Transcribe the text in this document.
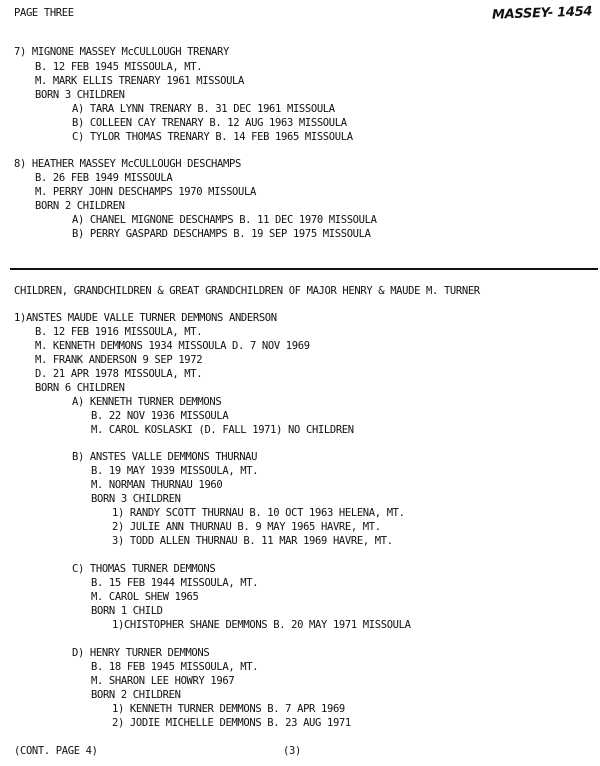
PAGE THREE	MASSEY- 1454
7) MIGNONE MASSEY McCULLOUGH TRENARY
B. 12 FEB 1945 MISSOULA, MT.
M. MARK ELLIS TRENARY 1961 MISSOULA
BORN 3 CHILDREN
A) TARA LYNN TRENARY B. 31 DEC 1961 MISSOULA
B) COLLEEN CAY TRENARY B. 12 AUG 1963 MISSOULA
C) TYLOR THOMAS TRENARY B. 14 FEB 1965 MISSOULA
8) HEATHER MASSEY McCULLOUGH DESCHAMPS
B. 26 FEB 1949 MISSOULA
M. PERRY JOHN DESCHAMPS 1970 MISSOULA
BORN 2 CHILDREN
A) CHANEL MIGNONE DESCHAMPS B. 11 DEC 1970 MISSOULA
B) PERRY GASPARD DESCHAMPS B. 19 SEP 1975 MISSOULA
CHILDREN, GRANDCHILDREN & GREAT GRANDCHILDREN OF MAJOR HENRY & MAUDE M. TURNER
1)ANSTES MAUDE VALLE TURNER DEMMONS ANDERSON
B. 12 FEB 1916 MISSOULA, MT.
M. KENNETH DEMMONS 1934 MISSOULA D. 7 NOV 1969
M. FRANK ANDERSON 9 SEP 1972
D. 21 APR 1978 MISSOULA, MT.
BORN 6 CHILDREN
A) KENNETH TURNER DEMMONS
B. 22 NOV 1936 MISSOULA
M. CAROL KOSLASKI (D. FALL 1971) NO CHILDREN
B) ANSTES VALLE DEMMONS THURNAU
B. 19 MAY 1939 MISSOULA, MT.
M. NORMAN THURNAU 1960
BORN 3 CHILDREN
1) RANDY SCOTT THURNAU B. 10 OCT 1963 HELENA, MT.
2) JULIE ANN THURNAU B. 9 MAY 1965 HAVRE, MT.
3) TODD ALLEN THURNAU B. 11 MAR 1969 HAVRE, MT.
C) THOMAS TURNER DEMMONS
B. 15 FEB 1944 MISSOULA, MT.
M. CAROL SHEW 1965
BORN 1 CHILD
1)CHISTOPHER SHANE DEMMONS B. 20 MAY 1971 MISSOULA
D) HENRY TURNER DEMMONS
B. 18 FEB 1945 MISSOULA, MT.
M. SHARON LEE HOWRY 1967
BORN 2 CHILDREN
1) KENNETH TURNER DEMMONS B. 7 APR 1969
2) JODIE MICHELLE DEMMONS B. 23 AUG 1971
(CONT. PAGE 4)	(3)
